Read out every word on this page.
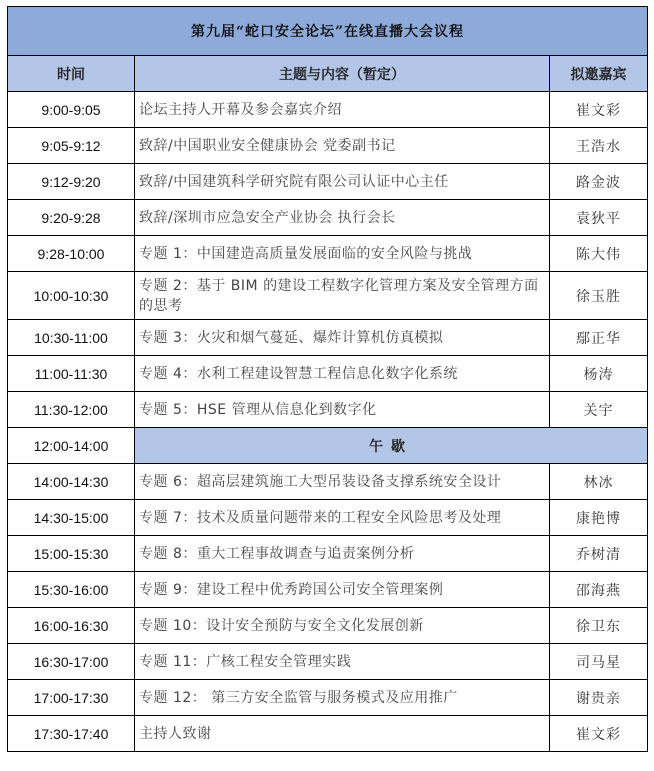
第九届“蛇口安全论坛”在线直播大会议程		
时间	主题与内容（暂定）	拟邀嘉宾
9:00-9:05	论坛主持人开幕及参会嘉宾介绍	崔文彩
9:05-9:12	致辞/中国职业安全健康协会 党委副书记	王浩水
9:12-9:20	致辞/中国建筑科学研究院有限公司认证中心主任	路金波
9:20-9:28	致辞/深圳市应急安全产业协会 执行会长	袁狄平
9:28-10:00	专题 1：中国建造高质量发展面临的安全风险与挑战	陈大伟
10:00-10:30	专题 2：基于 BIM 的建设工程数字化管理方案及安全管理方面的思考	徐玉胜
10:30-11:00	专题 3：火灾和烟气蔓延、爆炸计算机仿真模拟	鄢正华
11:00-11:30	专题 4：水利工程建设智慧工程信息化数字化系统	杨涛
11:30-12:00	专题 5：HSE 管理从信息化到数字化	关宇
12:00-14:00	午歇	
14:00-14:30	专题 6：超高层建筑施工大型吊装设备支撑系统安全设计	林冰
14:30-15:00	专题 7：技术及质量问题带来的工程安全风险思考及处理	康艳博
15:00-15:30	专题 8：重大工程事故调查与追责案例分析	乔树清
15:30-16:00	专题 9：建设工程中优秀跨国公司安全管理案例	邵海燕
16:00-16:30	专题 10：设计安全预防与安全文化发展创新	徐卫东
16:30-17:00	专题 11：广核工程安全管理实践	司马星
17:00-17:30	专题 12： 第三方安全监管与服务模式及应用推广	谢贵亲
17:30-17:40	主持人致谢	崔文彩
